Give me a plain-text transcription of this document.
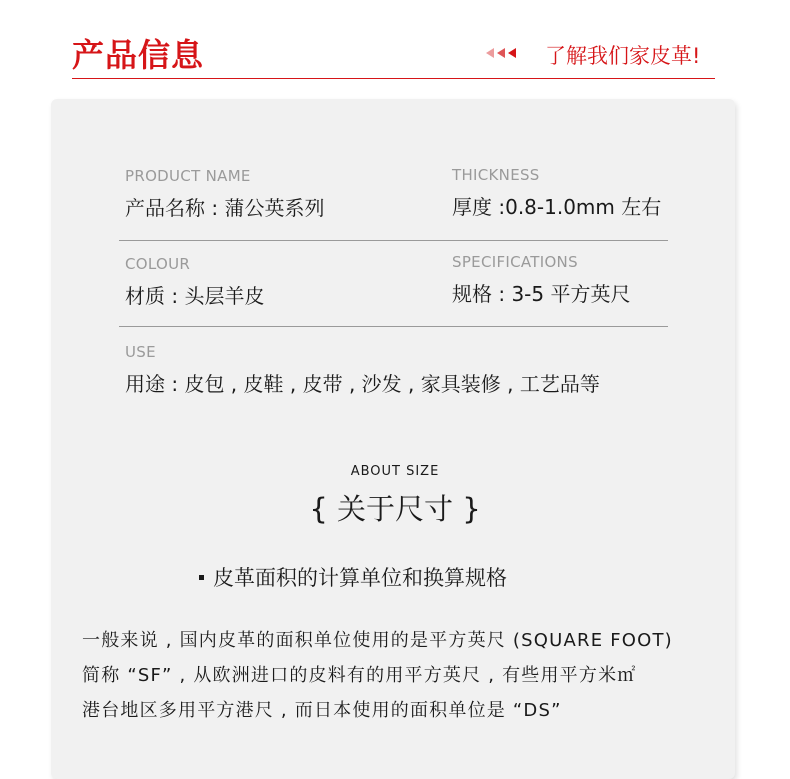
产品信息	了解我们家皮革!
PRODUCT NAME
产品名称 : 蒲公英系列
THICKNESS
厚度 :0.8-1.0mm 左右
COLOUR
材质 : 头层羊皮
SPECIFICATIONS
规格 : 3-5 平方英尺
USE
用途 : 皮包 , 皮鞋 , 皮带 , 沙发 , 家具装修 , 工艺品等
ABOUT SIZE
{ 关于尺寸 }
皮革面积的计算单位和换算规格
一般来说 , 国内皮革的面积单位使用的是平方英尺 (SQUARE FOOT)
简称 “SF” , 从欧洲进口的皮料有的用平方英尺 , 有些用平方米㎡
港台地区多用平方港尺 , 而日本使用的面积单位是 “DS”
